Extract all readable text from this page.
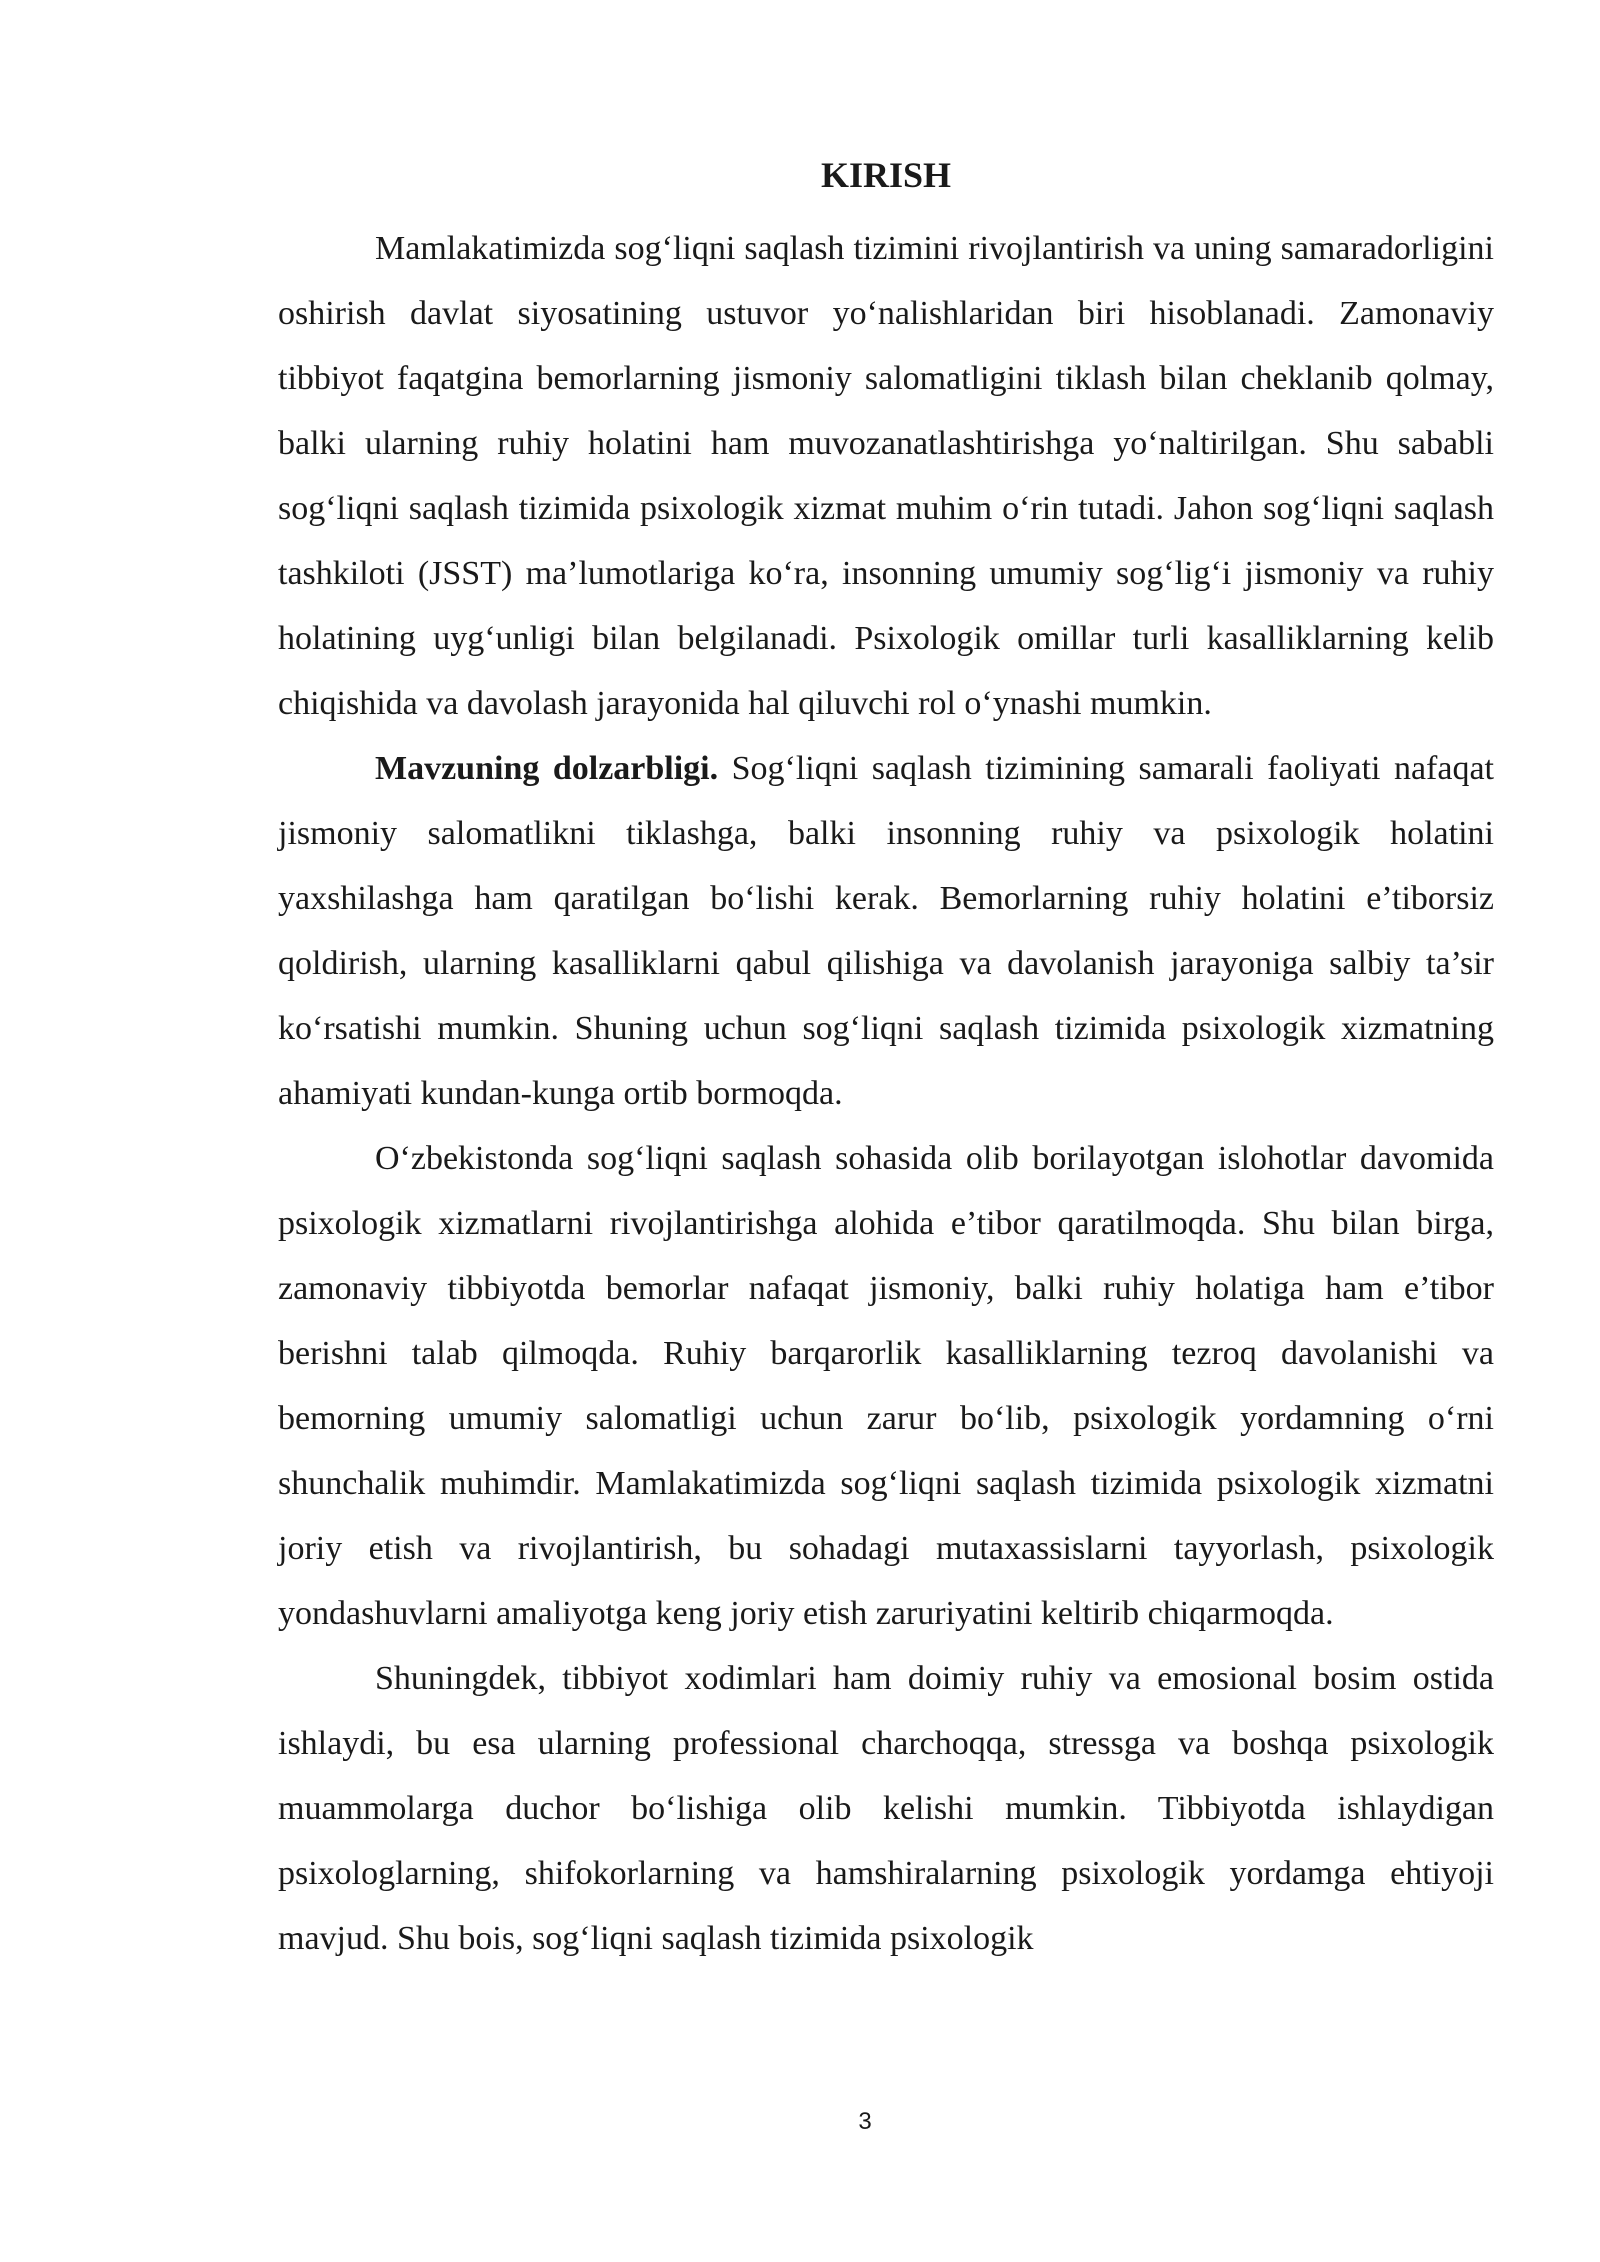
KIRISH

Mamlakatimizda sog‘liqni saqlash tizimini rivojlantirish va uning samaradorligini oshirish davlat siyosatining ustuvor yo‘nalishlaridan biri hisoblanadi. Zamonaviy tibbiyot faqatgina bemorlarning jismoniy salomatligini tiklash bilan cheklanib qolmay, balki ularning ruhiy holatini ham muvozanatlashtirishga yo‘naltirilgan. Shu sababli sog‘liqni saqlash tizimida psixologik xizmat muhim o‘rin tutadi. Jahon sog‘liqni saqlash tashkiloti (JSST) ma’lumotlariga ko‘ra, insonning umumiy sog‘lig‘i jismoniy va ruhiy holatining uyg‘unligi bilan belgilanadi. Psixologik omillar turli kasalliklarning kelib chiqishida va davolash jarayonida hal qiluvchi rol o‘ynashi mumkin.

Mavzuning dolzarbligi. Sog‘liqni saqlash tizimining samarali faoliyati nafaqat jismoniy salomatlikni tiklashga, balki insonning ruhiy va psixologik holatini yaxshilashga ham qaratilgan bo‘lishi kerak. Bemorlarning ruhiy holatini e’tiborsiz qoldirish, ularning kasalliklarni qabul qilishiga va davolanish jarayoniga salbiy ta’sir ko‘rsatishi mumkin. Shuning uchun sog‘liqni saqlash tizimida psixologik xizmatning ahamiyati kundan-kunga ortib bormoqda.

O‘zbekistonda sog‘liqni saqlash sohasida olib borilayotgan islohotlar davomida psixologik xizmatlarni rivojlantirishga alohida e’tibor qaratilmoqda. Shu bilan birga, zamonaviy tibbiyotda bemorlar nafaqat jismoniy, balki ruhiy holatiga ham e’tibor berishni talab qilmoqda. Ruhiy barqarorlik kasalliklarning tezroq davolanishi va bemorning umumiy salomatligi uchun zarur bo‘lib, psixologik yordamning o‘rni shunchalik muhimdir. Mamlakatimizda sog‘liqni saqlash tizimida psixologik xizmatni joriy etish va rivojlantirish, bu sohadagi mutaxassislarni tayyorlash, psixologik yondashuvlarni amaliyotga keng joriy etish zaruriyatini keltirib chiqarmoqda.

Shuningdek, tibbiyot xodimlari ham doimiy ruhiy va emosional bosim ostida ishlaydi, bu esa ularning professional charchoqqa, stressga va boshqa psixologik muammolarga duchor bo‘lishiga olib kelishi mumkin. Tibbiyotda ishlaydigan psixologlarning, shifokorlarning va hamshiralarning psixologik yordamga ehtiyoji mavjud. Shu bois, sog‘liqni saqlash tizimida psixologik

3
